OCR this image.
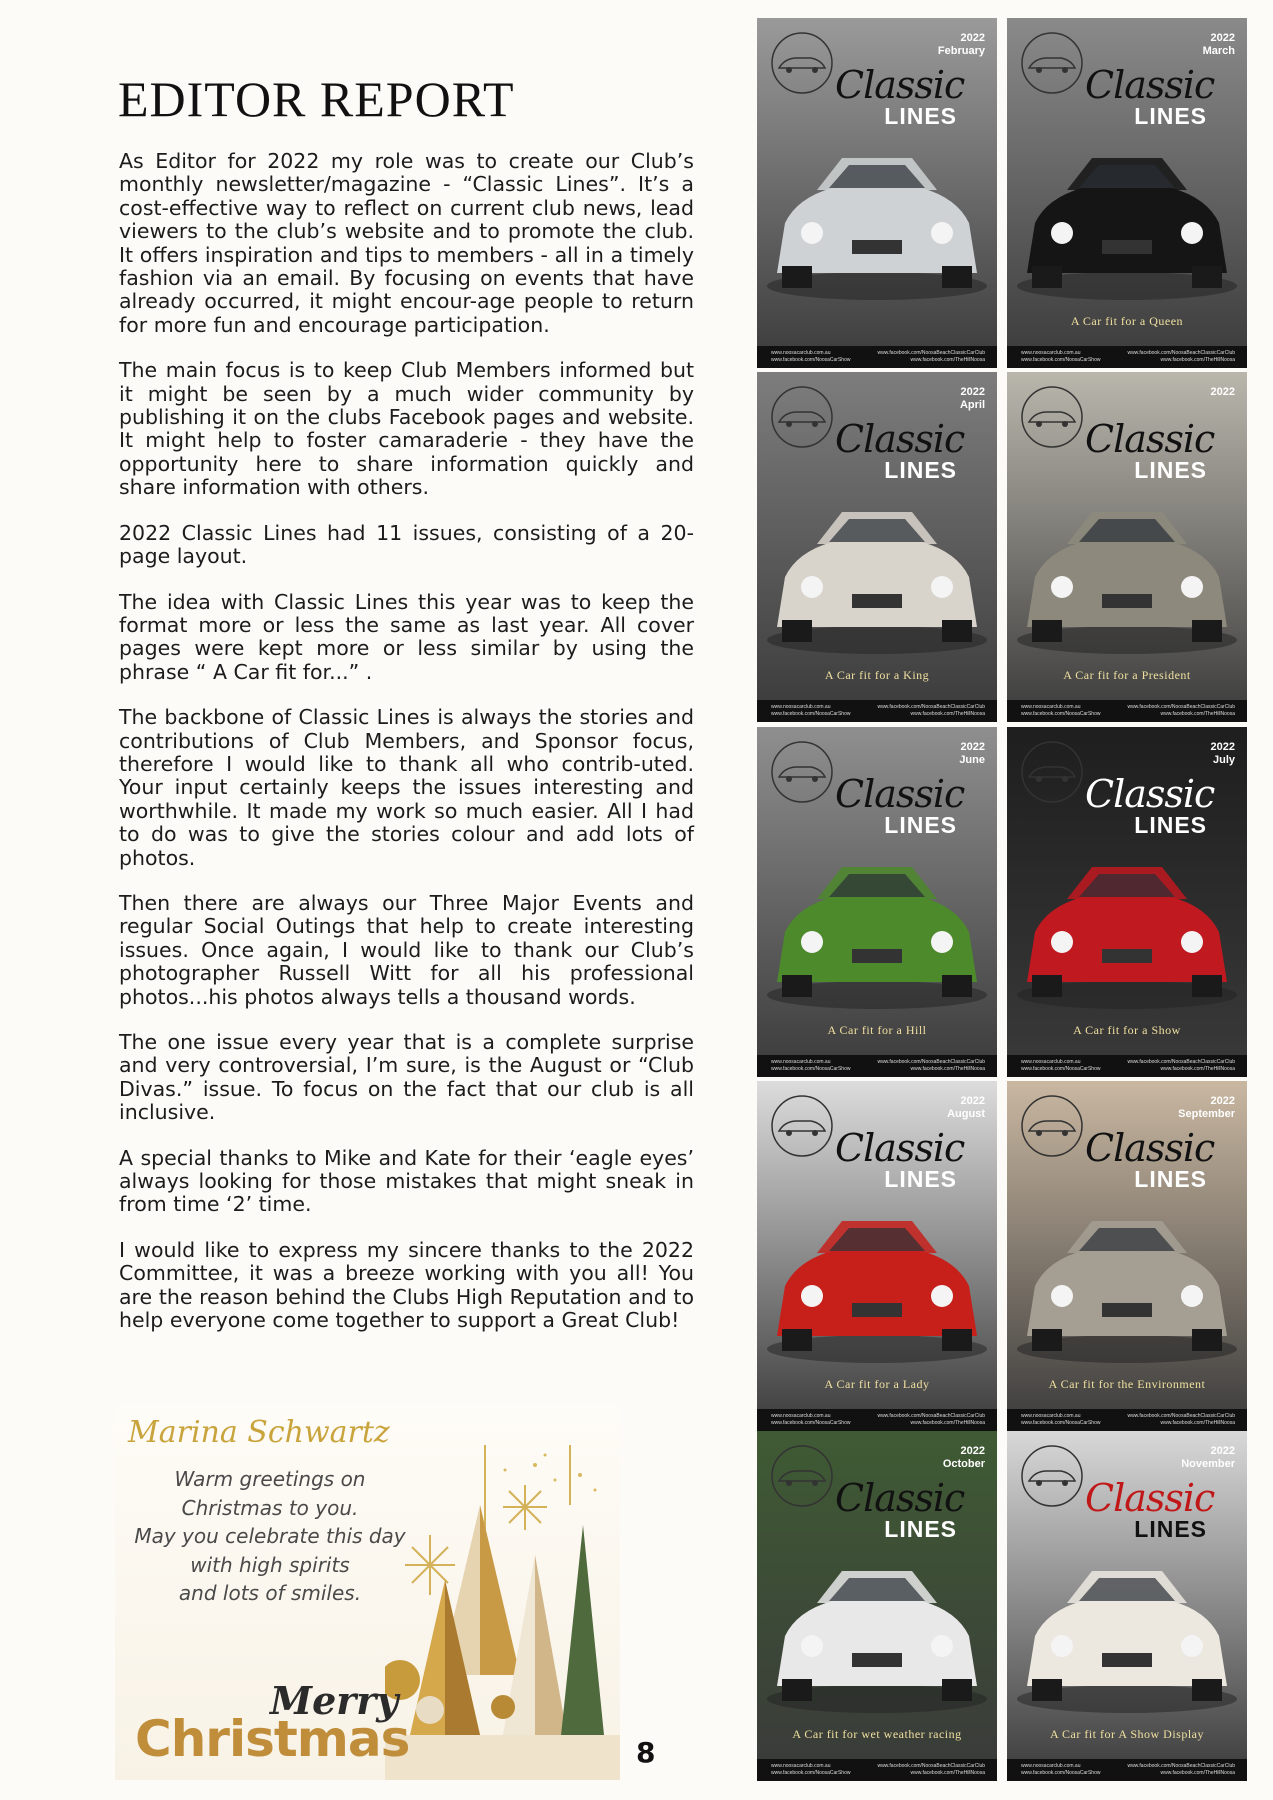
EDITOR REPORT

As Editor for 2022 my role was to create our Club’s monthly newsletter/magazine - “Classic Lines”. It’s a cost-effective way to reflect on current club news, lead viewers to the club’s website and to promote the club. It offers inspiration and tips to members - all in a timely fashion via an email. By focusing on events that have already occurred, it might encour-age people to return for more fun and encourage participation.

The main focus is to keep Club Members informed but it might be seen by a much wider community by publishing it on the clubs Facebook pages and website. It might help to foster camaraderie - they have the opportunity here to share information quickly and share information with others.

2022 Classic Lines had 11 issues, consisting of a 20-page layout.

The idea with Classic Lines this year was to keep the format more or less the same as last year. All cover pages were kept more or less similar by using the phrase “ A Car fit for...” .

The backbone of Classic Lines is always the stories and contributions of Club Members, and Sponsor focus, therefore I would like to thank all who contrib-uted. Your input certainly keeps the issues interesting and worthwhile. It made my work so much easier. All I had to do was to give the stories colour and add lots of photos.

Then there are always our Three Major Events and regular Social Outings that help to create interesting issues. Once again, I would like to thank our Club’s photographer Russell Witt for all his professional photos...his photos always tells a thousand words.

The one issue every year that is a complete surprise and very controversial, I’m sure, is the August or “Club Divas.” issue. To focus on the fact that our club is all inclusive.

A special thanks to Mike and Kate for their ‘eagle eyes’ always looking for those mistakes that might sneak in from time ‘2’ time.

I would like to express my sincere thanks to the 2022 Committee, it was a breeze working with you all! You are the reason behind the Clubs High Reputation and to help everyone come together to support a Great Club!

Marina Schwartz
Warm greetings on
Christmas to you.
May you celebrate this day
with high spirits
and lots of smiles.
Merry
Christmas	8
2022
February
Classic
LINES
www.noosacarclub.com.au
www.facebook.com/NoosaCarShow
www.facebook.com/NoosaBeachClassicCarClub
www.facebook.com/TheHillNoosa
2022
March
Classic
LINES
A Car fit for a Queen
www.noosacarclub.com.au
www.facebook.com/NoosaCarShow
www.facebook.com/NoosaBeachClassicCarClub
www.facebook.com/TheHillNoosa
2022
April
Classic
LINES
A Car fit for a King
www.noosacarclub.com.au
www.facebook.com/NoosaCarShow
www.facebook.com/NoosaBeachClassicCarClub
www.facebook.com/TheHillNoosa
2022
Classic
LINES
A Car fit for a President
www.noosacarclub.com.au
www.facebook.com/NoosaCarShow
www.facebook.com/NoosaBeachClassicCarClub
www.facebook.com/TheHillNoosa
2022
June
Classic
LINES
A Car fit for a Hill
www.noosacarclub.com.au
www.facebook.com/NoosaCarShow
www.facebook.com/NoosaBeachClassicCarClub
www.facebook.com/TheHillNoosa
2022
July
Classic
LINES
A Car fit for a Show
www.noosacarclub.com.au
www.facebook.com/NoosaCarShow
www.facebook.com/NoosaBeachClassicCarClub
www.facebook.com/TheHillNoosa
2022
August
Classic
LINES
A Car fit for a Lady
www.noosacarclub.com.au
www.facebook.com/NoosaCarShow
www.facebook.com/NoosaBeachClassicCarClub
www.facebook.com/TheHillNoosa
2022
September
Classic
LINES
A Car fit for the Environment
www.noosacarclub.com.au
www.facebook.com/NoosaCarShow
www.facebook.com/NoosaBeachClassicCarClub
www.facebook.com/TheHillNoosa
2022
October
Classic
LINES
A Car fit for wet weather racing
www.noosacarclub.com.au
www.facebook.com/NoosaCarShow
www.facebook.com/NoosaBeachClassicCarClub
www.facebook.com/TheHillNoosa
2022
November
Classic
LINES
A Car fit for A Show Display
www.noosacarclub.com.au
www.facebook.com/NoosaCarShow
www.facebook.com/NoosaBeachClassicCarClub
www.facebook.com/TheHillNoosa
